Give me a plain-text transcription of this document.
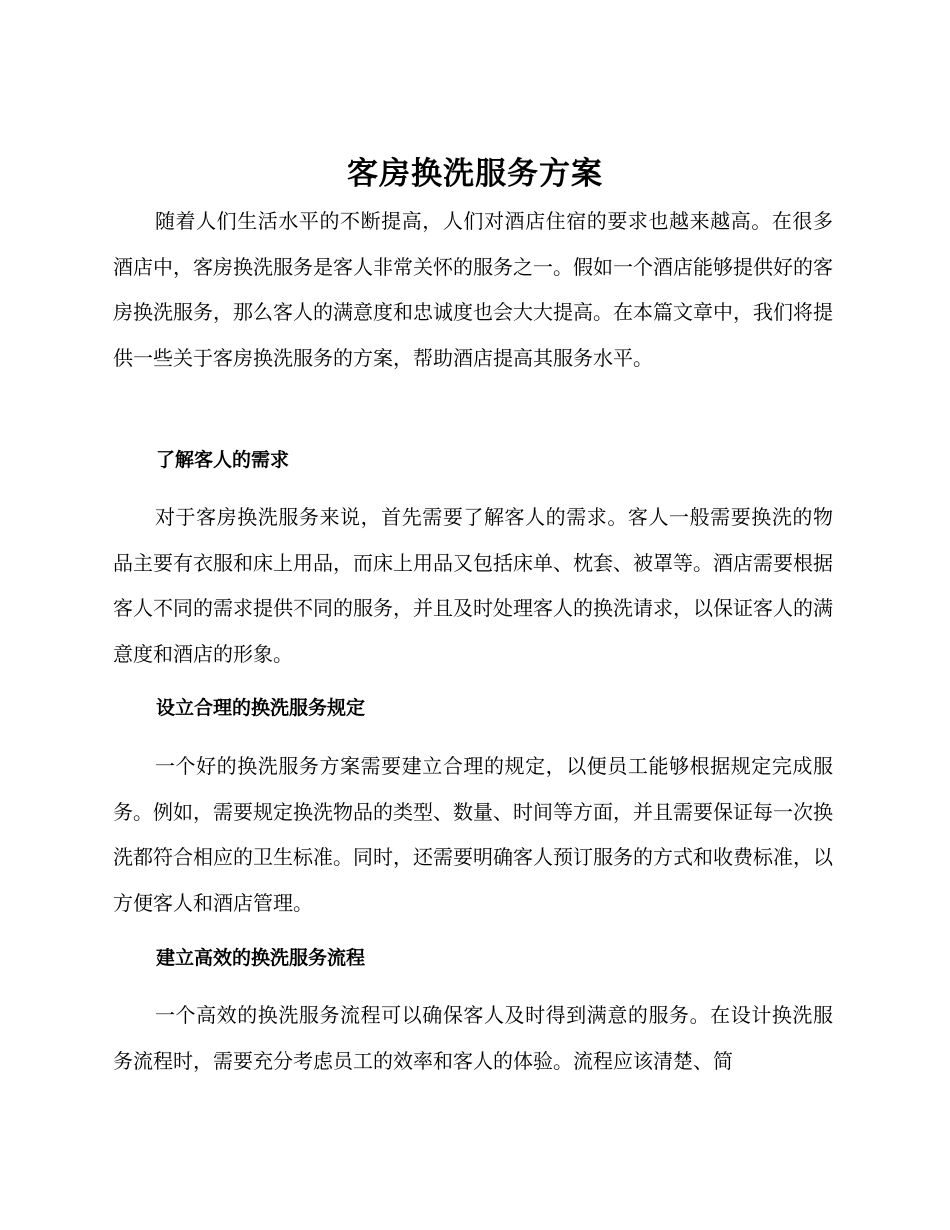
客房换洗服务方案

随着人们生活水平的不断提高，人们对酒店住宿的要求也越来越高。在很多酒店中，客房换洗服务是客人非常关怀的服务之一。假如一个酒店能够提供好的客房换洗服务，那么客人的满意度和忠诚度也会大大提高。在本篇文章中，我们将提供一些关于客房换洗服务的方案，帮助酒店提高其服务水平。

了解客人的需求

对于客房换洗服务来说，首先需要了解客人的需求。客人一般需要换洗的物品主要有衣服和床上用品，而床上用品又包括床单、枕套、被罩等。酒店需要根据客人不同的需求提供不同的服务，并且及时处理客人的换洗请求，以保证客人的满意度和酒店的形象。

设立合理的换洗服务规定

一个好的换洗服务方案需要建立合理的规定，以便员工能够根据规定完成服务。例如，需要规定换洗物品的类型、数量、时间等方面，并且需要保证每一次换洗都符合相应的卫生标准。同时，还需要明确客人预订服务的方式和收费标准，以方便客人和酒店管理。

建立高效的换洗服务流程

一个高效的换洗服务流程可以确保客人及时得到满意的服务。在设计换洗服务流程时，需要充分考虑员工的效率和客人的体验。流程应该清楚、简
